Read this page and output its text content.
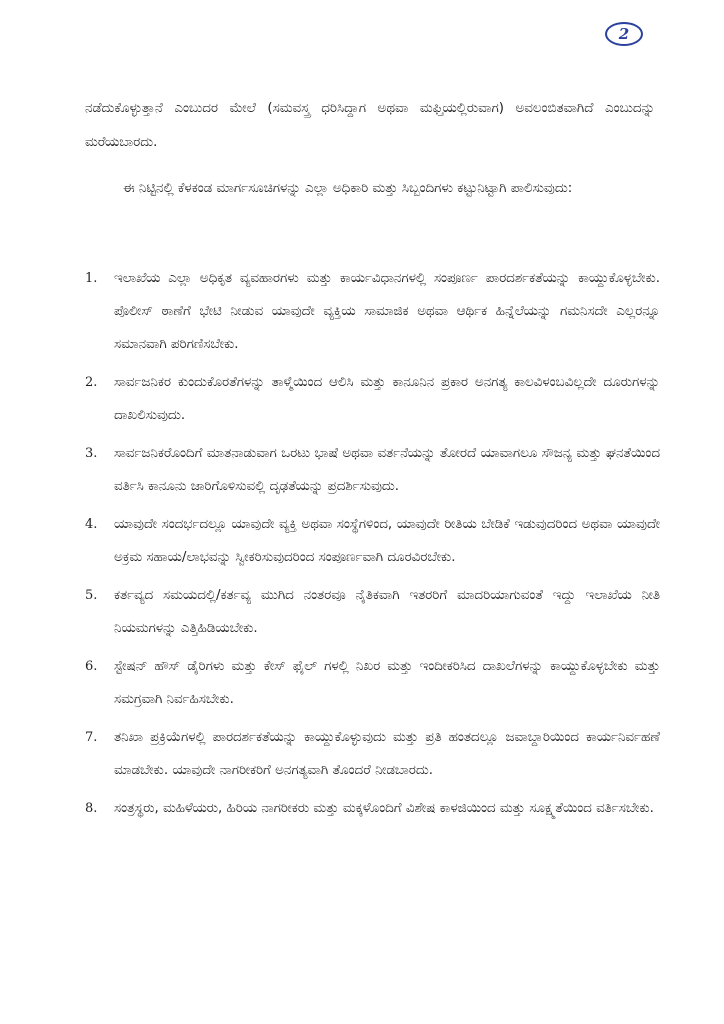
2

ನಡೆದುಕೊಳ್ಳುತ್ತಾನೆ ಎಂಬುದರ ಮೇಲೆ (ಸಮವಸ್ತ್ರ ಧರಿಸಿದ್ದಾಗ ಅಥವಾ ಮಫ್ತಿಯಲ್ಲಿರುವಾಗ) ಅವಲಂಬಿತವಾಗಿದೆ ಎಂಬುದನ್ನು ಮರೆಯಬಾರದು.

ಈ ನಿಟ್ಟಿನಲ್ಲಿ ಕೆಳಕಂಡ ಮಾರ್ಗಸೂಚಿಗಳನ್ನು ಎಲ್ಲಾ ಅಧಿಕಾರಿ ಮತ್ತು ಸಿಬ್ಬಂದಿಗಳು ಕಟ್ಟುನಿಟ್ಟಾಗಿ ಪಾಲಿಸುವುದು:

1.	ಇಲಾಖೆಯ ಎಲ್ಲಾ ಅಧಿಕೃತ ವ್ಯವಹಾರಗಳು ಮತ್ತು ಕಾರ್ಯವಿಧಾನಗಳಲ್ಲಿ ಸಂಪೂರ್ಣ ಪಾರದರ್ಶಕತೆಯನ್ನು ಕಾಯ್ದುಕೊಳ್ಳಬೇಕು. ಪೊಲೀಸ್ ಠಾಣೆಗೆ ಭೇಟಿ ನೀಡುವ ಯಾವುದೇ ವ್ಯಕ್ತಿಯ ಸಾಮಾಜಿಕ ಅಥವಾ ಆರ್ಥಿಕ ಹಿನ್ನೆಲೆಯನ್ನು ಗಮನಿಸದೇ ಎಲ್ಲರನ್ನೂ ಸಮಾನವಾಗಿ ಪರಿಗಣಿಸಬೇಕು.
2.	ಸಾರ್ವಜನಿಕರ ಕುಂದುಕೊರತೆಗಳನ್ನು ತಾಳ್ಮೆಯಿಂದ ಆಲಿಸಿ ಮತ್ತು ಕಾನೂನಿನ ಪ್ರಕಾರ ಅನಗತ್ಯ ಕಾಲವಿಳಂಬವಿಲ್ಲದೇ ದೂರುಗಳನ್ನು ದಾಖಲಿಸುವುದು.
3.	ಸಾರ್ವಜನಿಕರೊಂದಿಗೆ ಮಾತನಾಡುವಾಗ ಒರಟು ಭಾಷೆ ಅಥವಾ ವರ್ತನೆಯನ್ನು ತೋರದೆ ಯಾವಾಗಲೂ ಸೌಜನ್ಯ ಮತ್ತು ಘನತೆಯಿಂದ ವರ್ತಿಸಿ ಕಾನೂನು ಜಾರಿಗೊಳಿಸುವಲ್ಲಿ ದೃಢತೆಯನ್ನು ಪ್ರದರ್ಶಿಸುವುದು.
4.	ಯಾವುದೇ ಸಂದರ್ಭದಲ್ಲೂ ಯಾವುದೇ ವ್ಯಕ್ತಿ ಅಥವಾ ಸಂಸ್ಥೆಗಳಿಂದ, ಯಾವುದೇ ರೀತಿಯ ಬೇಡಿಕೆ ಇಡುವುದರಿಂದ ಅಥವಾ ಯಾವುದೇ ಅಕ್ರಮ ಸಹಾಯ/ಲಾಭವನ್ನು ಸ್ವೀಕರಿಸುವುದರಿಂದ ಸಂಪೂರ್ಣವಾಗಿ ದೂರವಿರಬೇಕು.
5.	ಕರ್ತವ್ಯದ ಸಮಯದಲ್ಲಿ/ಕರ್ತವ್ಯ ಮುಗಿದ ನಂತರವೂ ನೈತಿಕವಾಗಿ ಇತರರಿಗೆ ಮಾದರಿಯಾಗುವಂತೆ ಇದ್ದು ಇಲಾಖೆಯ ನೀತಿ ನಿಯಮಗಳನ್ನು ಎತ್ತಿಹಿಡಿಯಬೇಕು.
6.	ಸ್ಟೇಷನ್ ಹೌಸ್ ಡೈರಿಗಳು ಮತ್ತು ಕೇಸ್ ಫೈಲ್ ಗಳಲ್ಲಿ ನಿಖರ ಮತ್ತು ಇಂದೀಕರಿಸಿದ ದಾಖಲೆಗಳನ್ನು ಕಾಯ್ದುಕೊಳ್ಳಬೇಕು ಮತ್ತು ಸಮಗ್ರವಾಗಿ ನಿರ್ವಹಿಸಬೇಕು.
7.	ತನಿಖಾ ಪ್ರಕ್ರಿಯೆಗಳಲ್ಲಿ ಪಾರದರ್ಶಕತೆಯನ್ನು ಕಾಯ್ದುಕೊಳ್ಳುವುದು ಮತ್ತು ಪ್ರತಿ ಹಂತದಲ್ಲೂ ಜವಾಬ್ದಾರಿಯಿಂದ ಕಾರ್ಯನಿರ್ವಹಣೆ ಮಾಡಬೇಕು. ಯಾವುದೇ ನಾಗರೀಕರಿಗೆ ಅನಗತ್ಯವಾಗಿ ತೊಂದರೆ ನೀಡಬಾರದು.
8.	ಸಂತ್ರಸ್ಥರು, ಮಹಿಳೆಯರು, ಹಿರಿಯ ನಾಗರೀಕರು ಮತ್ತು ಮಕ್ಕಳೊಂದಿಗೆ ವಿಶೇಷ ಕಾಳಜಿಯಿಂದ ಮತ್ತು ಸೂಕ್ಷ್ಮತೆಯಿಂದ ವರ್ತಿಸಬೇಕು.
